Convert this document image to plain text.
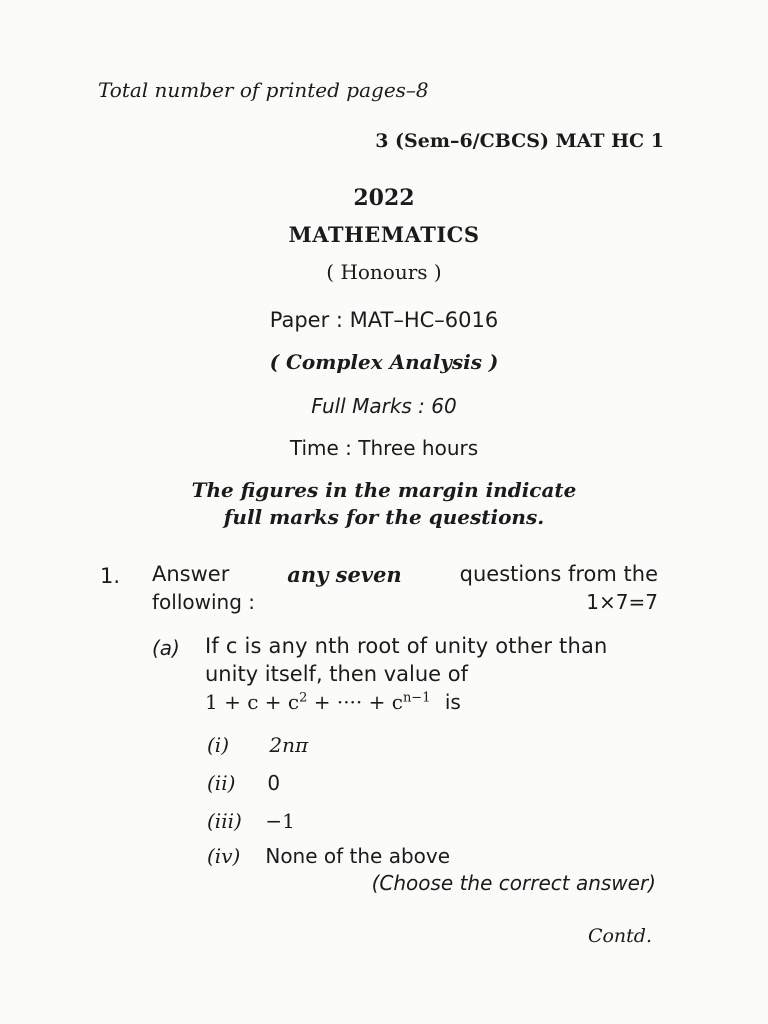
Total number of printed pages–8
3 (Sem–6/CBCS) MAT HC 1
2022
MATHEMATICS
( Honours )
Paper : MAT–HC–6016
( Complex Analysis )
Full Marks : 60
Time : Three hours
The figures in the margin indicate
full marks for the questions.
1. Answer	any seven	questions from the
following :	1×7=7
(a) If c is any nth root of unity other than
unity itself, then value of
$1 + c + c^2$ + ···· + $c^{n-1}$ is
(i) 2nπ
(ii) 0
(iii) −1
(iv) None of the above
(Choose the correct answer)
Contd.
